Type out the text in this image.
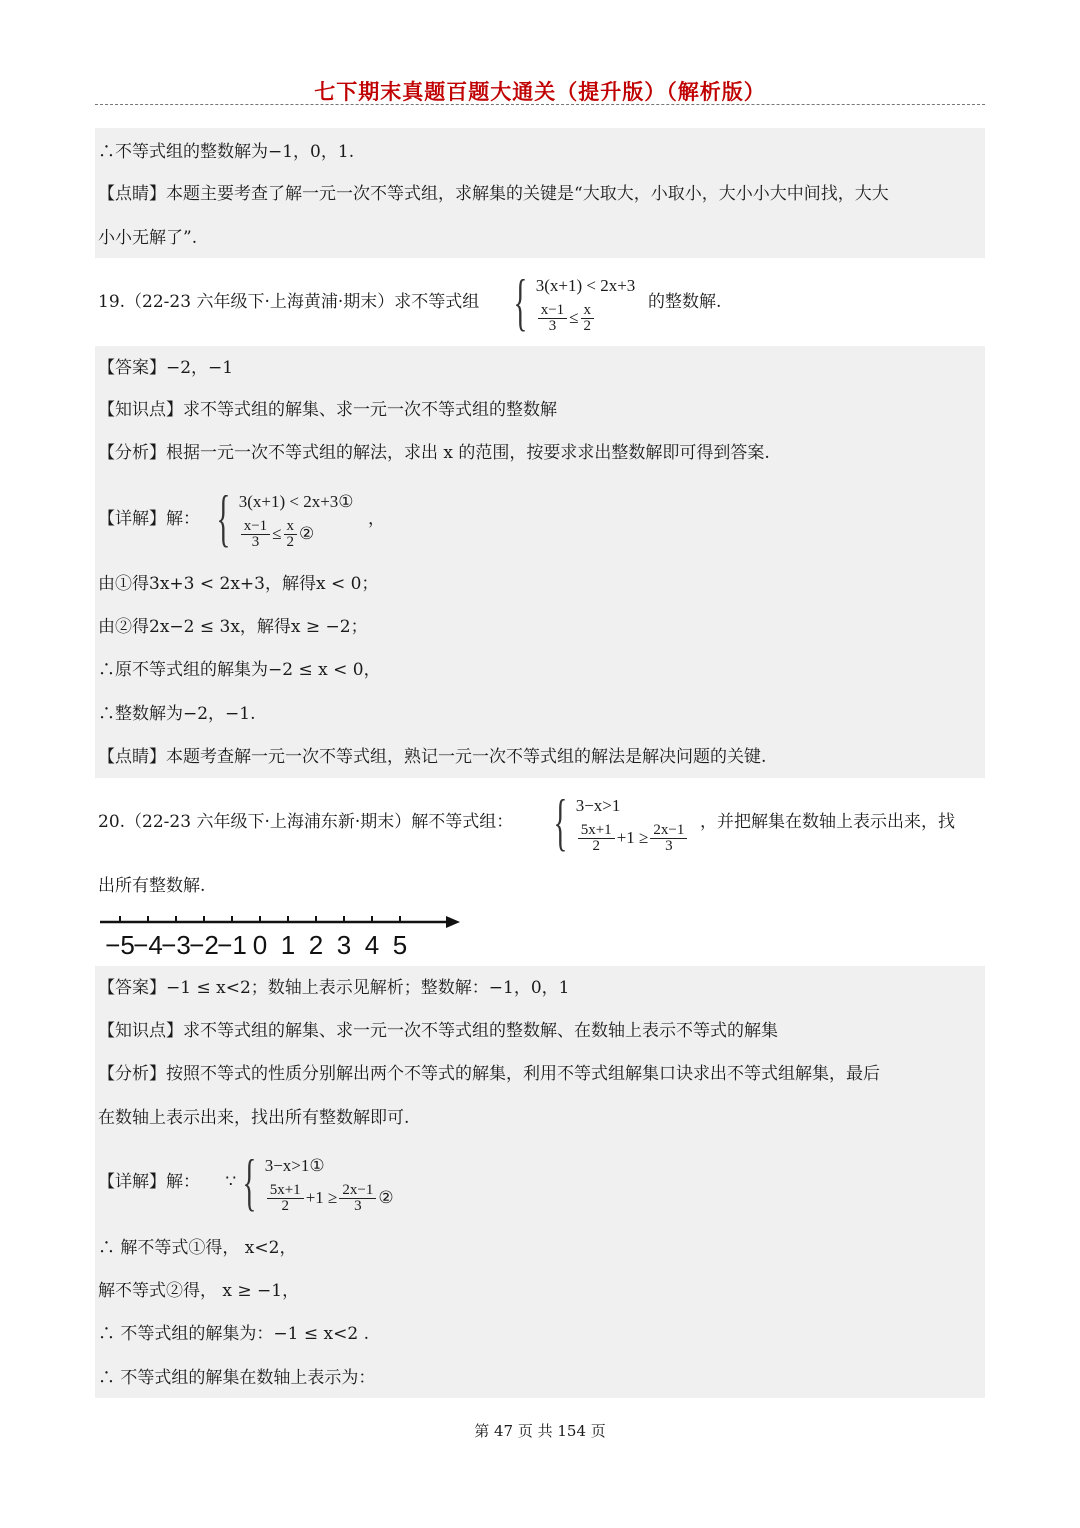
七下期末真题百题大通关（提升版）（解析版）
∴不等式组的整数解为−1，0，1.
【点睛】本题主要考查了解一元一次不等式组，求解集的关键是“大取大，小取小，大小小大中间找，大大
小小无解了”.
19.（22-23 六年级下·上海黄浦·期末）求不等式组 { 3(x+1) < 2x+3
$\frac{x-1}{3} \le \frac{x}{2}$
的整数解.
【答案】−2，−1
【知识点】求不等式组的解集、求一元一次不等式组的整数解
【分析】根据一元一次不等式组的解法，求出 x 的范围，按要求求出整数解即可得到答案.
【详解】解： { 3(x+1) < 2x+3①
$\frac{x-1}{3} \le \frac{x}{2}$ ②
，
由①得3x+3 < 2x+3，解得x < 0；
由②得2x−2 ≤ 3x，解得x ≥ −2；
∴原不等式组的解集为−2 ≤ x < 0，
∴整数解为−2，−1.
【点睛】本题考查解一元一次不等式组，熟记一元一次不等式组的解法是解决问题的关键.
20.（22-23 六年级下·上海浦东新·期末）解不等式组： { 3−x>1
$\frac{5x+1}{2} +1 \ge \frac{2x-1}{3}$
，并把解集在数轴上表示出来，找
出所有整数解.
−5
−4
−3
−2
−1 0 1 2 3 4 5
【答案】−1 ≤ x<2；数轴上表示见解析；整数解：−1，0，1
【知识点】求不等式组的解集、求一元一次不等式组的整数解、在数轴上表示不等式的解集
【分析】按照不等式的性质分别解出两个不等式的解集，利用不等式组解集口诀求出不等式组解集，最后
在数轴上表示出来，找出所有整数解即可.
【详解】解： ∵ { 3−x>1①
$\frac{5x+1}{2} +1 \ge \frac{2x-1}{3}$ ②
∴ 解不等式①得， x<2，
解不等式②得， x ≥ −1，
∴ 不等式组的解集为：−1 ≤ x<2 .
∴ 不等式组的解集在数轴上表示为：
第 47 页 共 154 页
